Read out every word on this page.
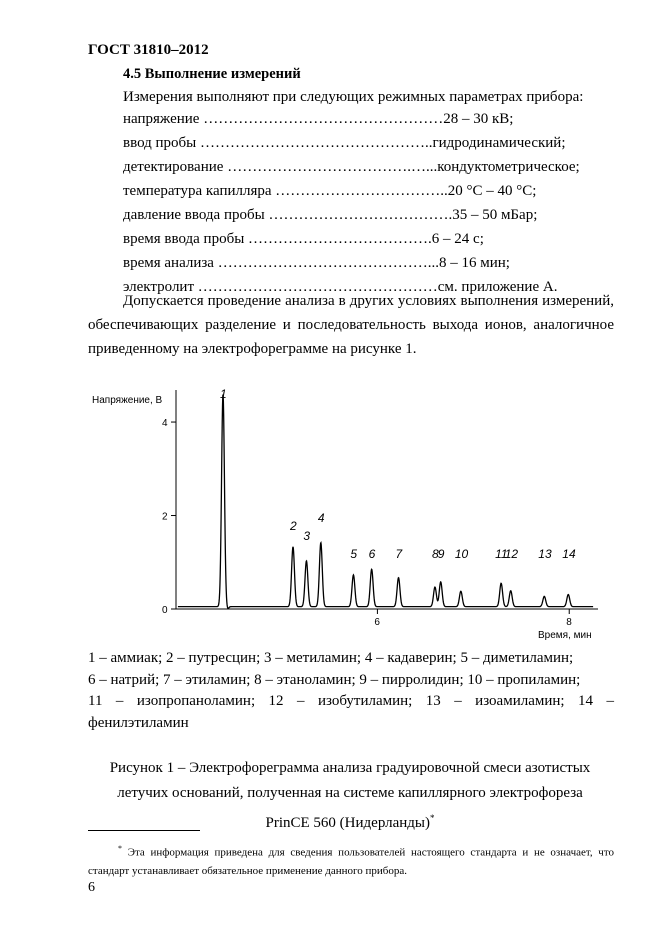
ГОСТ 31810–2012
4.5 Выполнение измерений
Измерения выполняют при следующих режимных параметрах прибора:
напряжение …………………………………………28 – 30 кВ;
ввод пробы ………………………………………..гидродинамический;
детектирование ……………………………….…...кондуктометрическое;
температура капилляра ……………………………..20 °С – 40 °С;
давление ввода пробы ……………………………….35 – 50 мБар;
время ввода пробы ……………………………….6 – 24 с;
время анализа ……………………………………...8 – 16 мин;
электролит …………………………………………см. приложение А.
Допускается проведение анализа в других условиях выполнения измерений, обеспечивающих разделение и последовательность выхода ионов, аналогичное приведенному на электрофореграмме на рисунке 1.
0
2
4
6	8
1
2
3
4
5 6 7 8 9 10 11
12 13 14
Напряжение, В
Время, мин
1 – аммиак; 2 – путресцин; 3 – метиламин; 4 – кадаверин; 5 – диметиламин;
6 – натрий; 7 – этиламин; 8 – этаноламин; 9 – пирролидин; 10 – пропиламин;
11 – изопропаноламин; 12 – изобутиламин; 13 – изоамиламин; 14 –
фенилэтиламин
Рисунок 1 – Электрофореграмма анализа градуировочной смеси азотистых
летучих оснований, полученная на системе капиллярного электрофореза
PrinCE 560 (Нидерланды)*
* Эта информация приведена для сведения пользователей настоящего стандарта и не означает, что стандарт устанавливает обязательное применение данного прибора.
6
